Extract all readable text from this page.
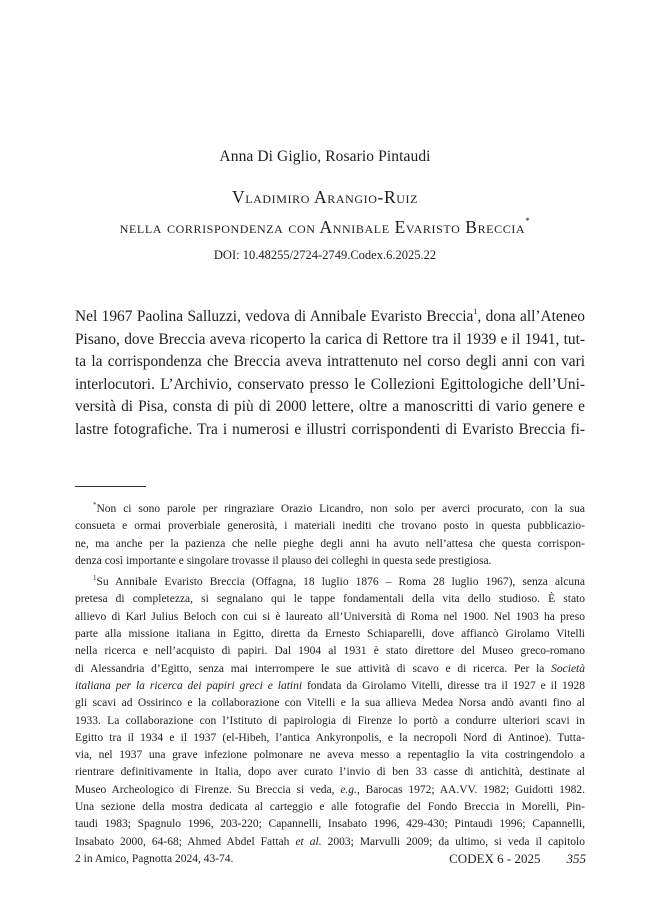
Anna Di Giglio, Rosario Pintaudi
Vladimiro Arangio-Ruiz
nella corrispondenza con Annibale Evaristo Breccia*
DOI: 10.48255/2724-2749.Codex.6.2025.22
Nel 1967 Paolina Salluzzi, vedova di Annibale Evaristo Breccia$^1$, dona all’Ateneo
Pisano, dove Breccia aveva ricoperto la carica di Rettore tra il 1939 e il 1941, tut-
ta la corrispondenza che Breccia aveva intrattenuto nel corso degli anni con vari
interlocutori. L’Archivio, conservato presso le Collezioni Egittologiche dell’Uni-
versità di Pisa, consta di più di 2000 lettere, oltre a manoscritti di vario genere e
lastre fotografiche. Tra i numerosi e illustri corrispondenti di Evaristo Breccia fi-
*Non ci sono parole per ringraziare Orazio Licandro, non solo per averci procurato, con la sua
consueta e ormai proverbiale generosità, i materiali inediti che trovano posto in questa pubblicazio-
ne, ma anche per la pazienza che nelle pieghe degli anni ha avuto nell’attesa che questa corrispon-
denza così importante e singolare trovasse il plauso dei colleghi in questa sede prestigiosa.
$^1$Su Annibale Evaristo Breccia (Offagna, 18 luglio 1876 – Roma 28 luglio 1967), senza alcuna
pretesa di completezza, si segnalano qui le tappe fondamentali della vita dello studioso. È stato
allievo di Karl Julius Beloch con cui si è laureato all’Università di Roma nel 1900. Nel 1903 ha preso
parte alla missione italiana in Egitto, diretta da Ernesto Schiaparelli, dove affiancò Girolamo Vitelli
nella ricerca e nell’acquisto di papiri. Dal 1904 al 1931 è stato direttore del Museo greco-romano
di Alessandria d’Egitto, senza mai interrompere le sue attività di scavo e di ricerca. Per la Società
italiana per la ricerca dei papiri greci e latini fondata da Girolamo Vitelli, diresse tra il 1927 e il 1928
gli scavi ad Ossirinco e la collaborazione con Vitelli e la sua allieva Medea Norsa andò avanti fino al
1933. La collaborazione con l’Istituto di papirologia di Firenze lo portò a condurre ulteriori scavi in
Egitto tra il 1934 e il 1937 (el-Hibeh, l’antica Ankyronpolis, e la necropoli Nord di Antinoe). Tutta-
via, nel 1937 una grave infezione polmonare ne aveva messo a repentaglio la vita costringendolo a
rientrare definitivamente in Italia, dopo aver curato l’invio di ben 33 casse di antichità, destinate al
Museo Archeologico di Firenze. Su Breccia si veda, e.g., Barocas 1972; AA.VV. 1982; Guidotti 1982.
Una sezione della mostra dedicata al carteggio e alle fotografie del Fondo Breccia in Morelli, Pin-
taudi 1983; Spagnulo 1996, 203-220; Capannelli, Insabato 1996, 429-430; Pintaudi 1996; Capannelli,
Insabato 2000, 64-68; Ahmed Abdel Fattah et al. 2003; Marvulli 2009; da ultimo, si veda il capitolo
2 in Amico, Pagnotta 2024, 43-74.	CODEX 6 - 2025 355
